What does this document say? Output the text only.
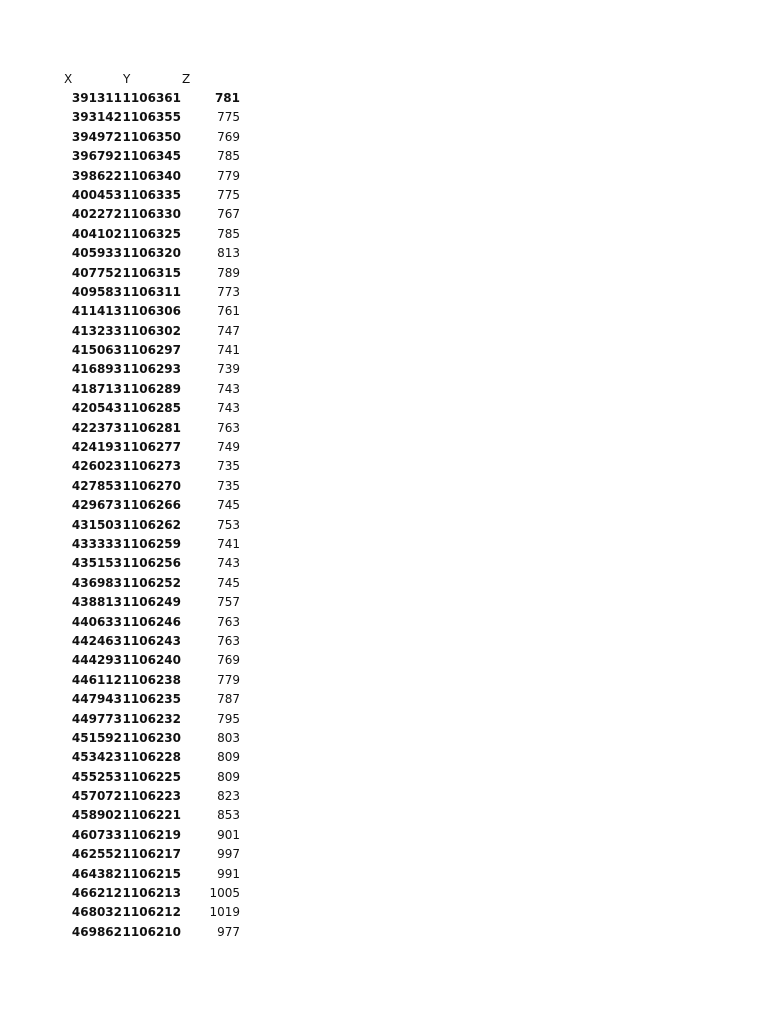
X	Y	Z
391311 1106361	781
393142 1106355	775
394972 1106350	769
396792 1106345	785
398622 1106340	779
400453 1106335	775
402272 1106330	767
404102 1106325	785
405933 1106320	813
407752 1106315	789
409583 1106311	773
411413 1106306	761
413233 1106302	747
415063 1106297	741
416893 1106293	739
418713 1106289	743
420543 1106285	743
422373 1106281	763
424193 1106277	749
426023 1106273	735
427853 1106270	735
429673 1106266	745
431503 1106262	753
433333 1106259	741
435153 1106256	743
436983 1106252	745
438813 1106249	757
440633 1106246	763
442463 1106243	763
444293 1106240	769
446112 1106238	779
447943 1106235	787
449773 1106232	795
451592 1106230	803
453423 1106228	809
455253 1106225	809
457072 1106223	823
458902 1106221	853
460733 1106219	901
462552 1106217	997
464382 1106215	991
466212 1106213	1005
468032 1106212	1019
469862 1106210	977
